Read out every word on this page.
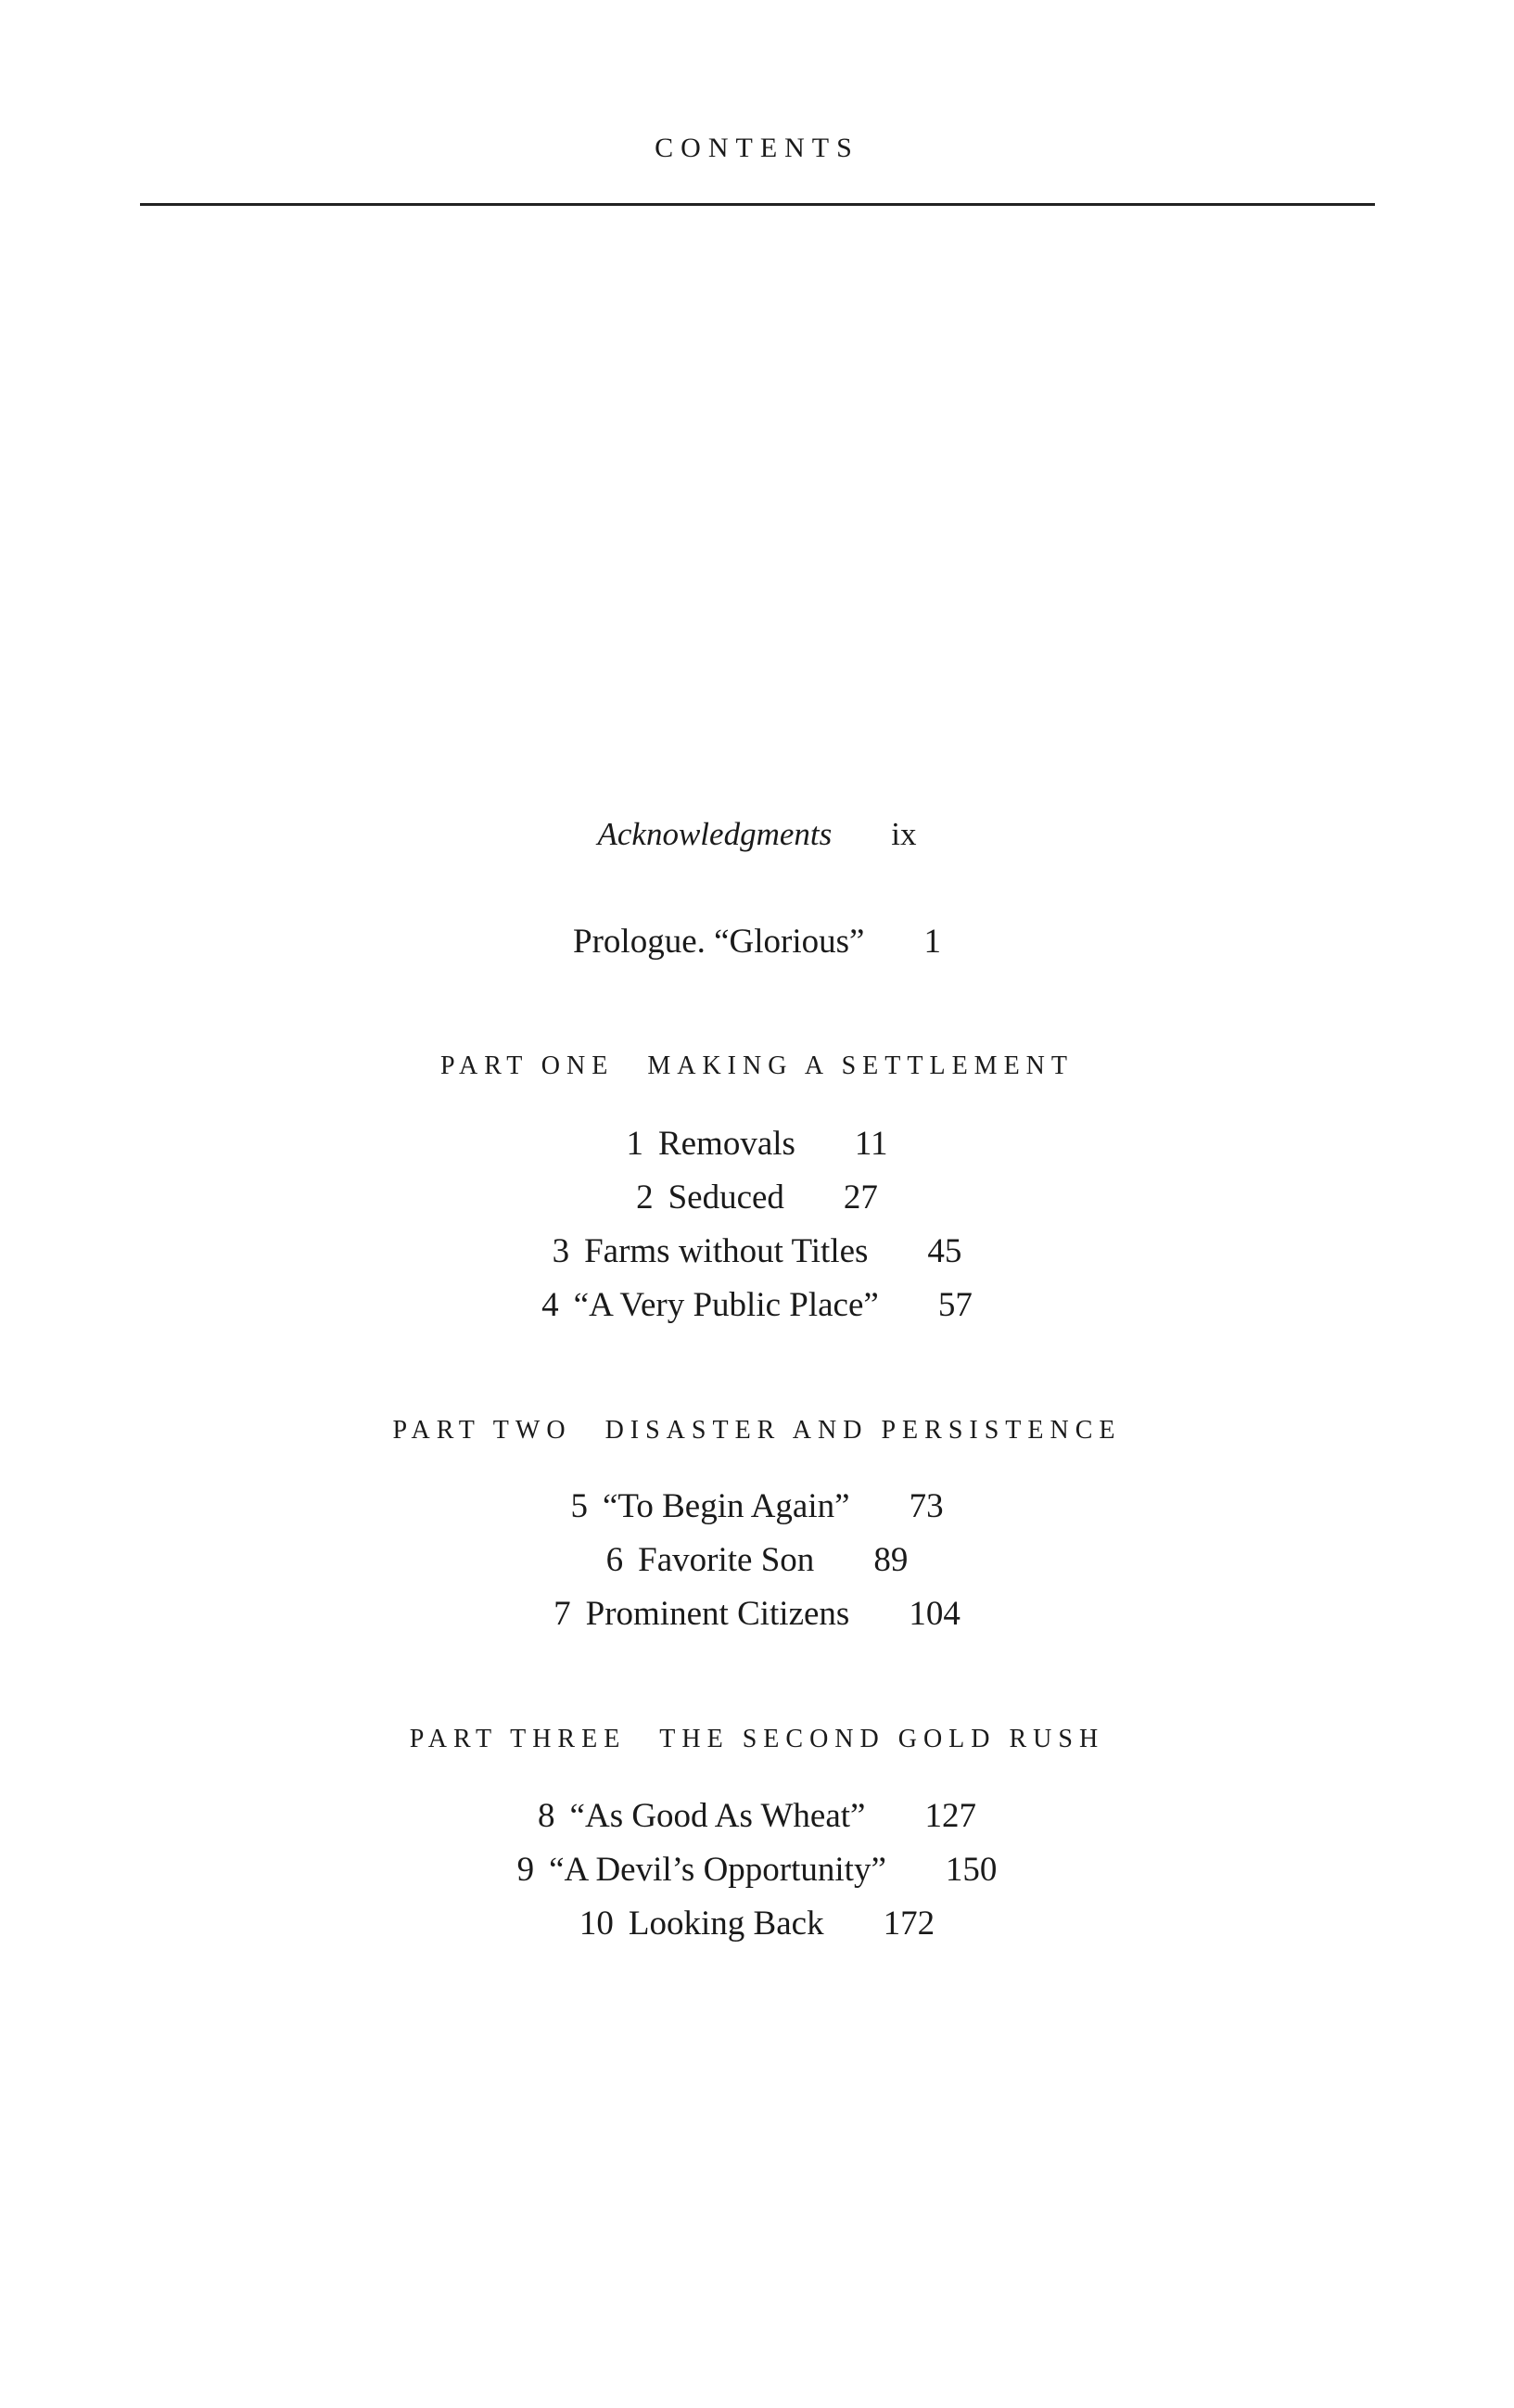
CONTENTS
Acknowledgments ix
Prologue. “Glorious” 1
PART ONE MAKING A SETTLEMENT
1 Removals 11
2 Seduced 27
3 Farms without Titles 45
4 “A Very Public Place” 57
PART TWO DISASTER AND PERSISTENCE
5 “To Begin Again” 73
6 Favorite Son 89
7 Prominent Citizens 104
PART THREE THE SECOND GOLD RUSH
8 “As Good As Wheat” 127
9 “A Devil’s Opportunity” 150
10 Looking Back 172
